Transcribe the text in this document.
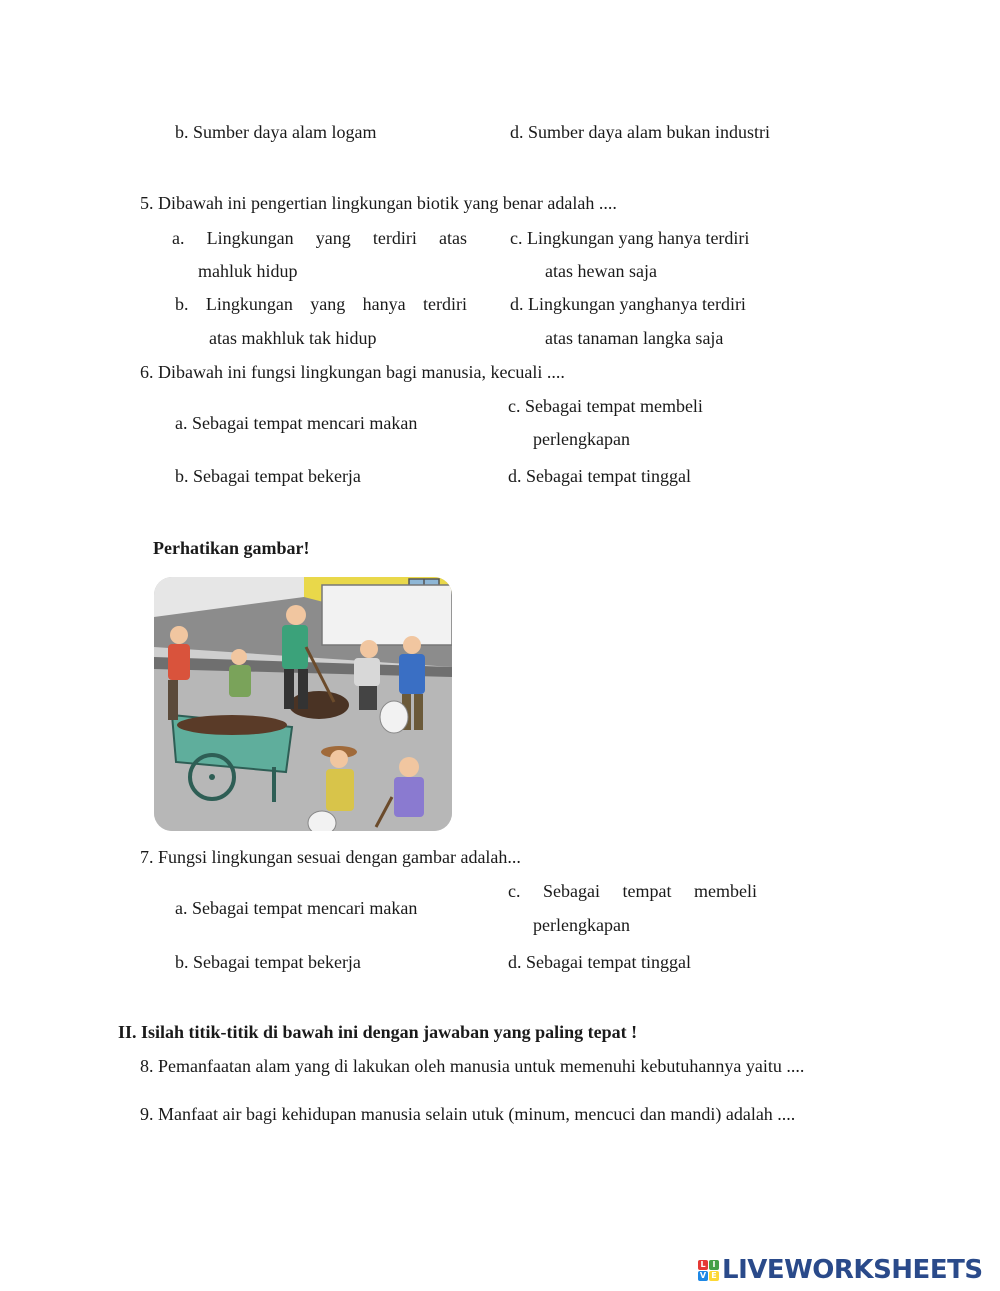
b. Sumber daya alam logam	d. Sumber daya alam bukan industri
5. Dibawah ini pengertian lingkungan biotik yang benar adalah ....
a. Lingkungan yang terdiri atas
mahluk hidup
c. Lingkungan yang hanya terdiri
atas hewan saja
b. Lingkungan yang hanya terdiri
atas makhluk tak hidup
d. Lingkungan yanghanya terdiri
atas tanaman langka saja
6. Dibawah ini fungsi lingkungan bagi manusia, kecuali ....
a. Sebagai tempat mencari makan
c. Sebagai tempat membeli
perlengkapan
b. Sebagai tempat bekerja	d. Sebagai tempat tinggal
Perhatikan gambar!
7. Fungsi lingkungan sesuai dengan gambar adalah...
a. Sebagai tempat mencari makan
c. Sebagai tempat membeli
perlengkapan
b. Sebagai tempat bekerja	d. Sebagai tempat tinggal
II. Isilah titik-titik di bawah ini dengan jawaban yang paling tepat !
8. Pemanfaatan alam yang di lakukan oleh manusia untuk memenuhi kebutuhannya yaitu ....
9. Manfaat air bagi kehidupan manusia selain utuk (minum, mencuci dan mandi) adalah ....
L I
V E LIVEWORKSHEETS
